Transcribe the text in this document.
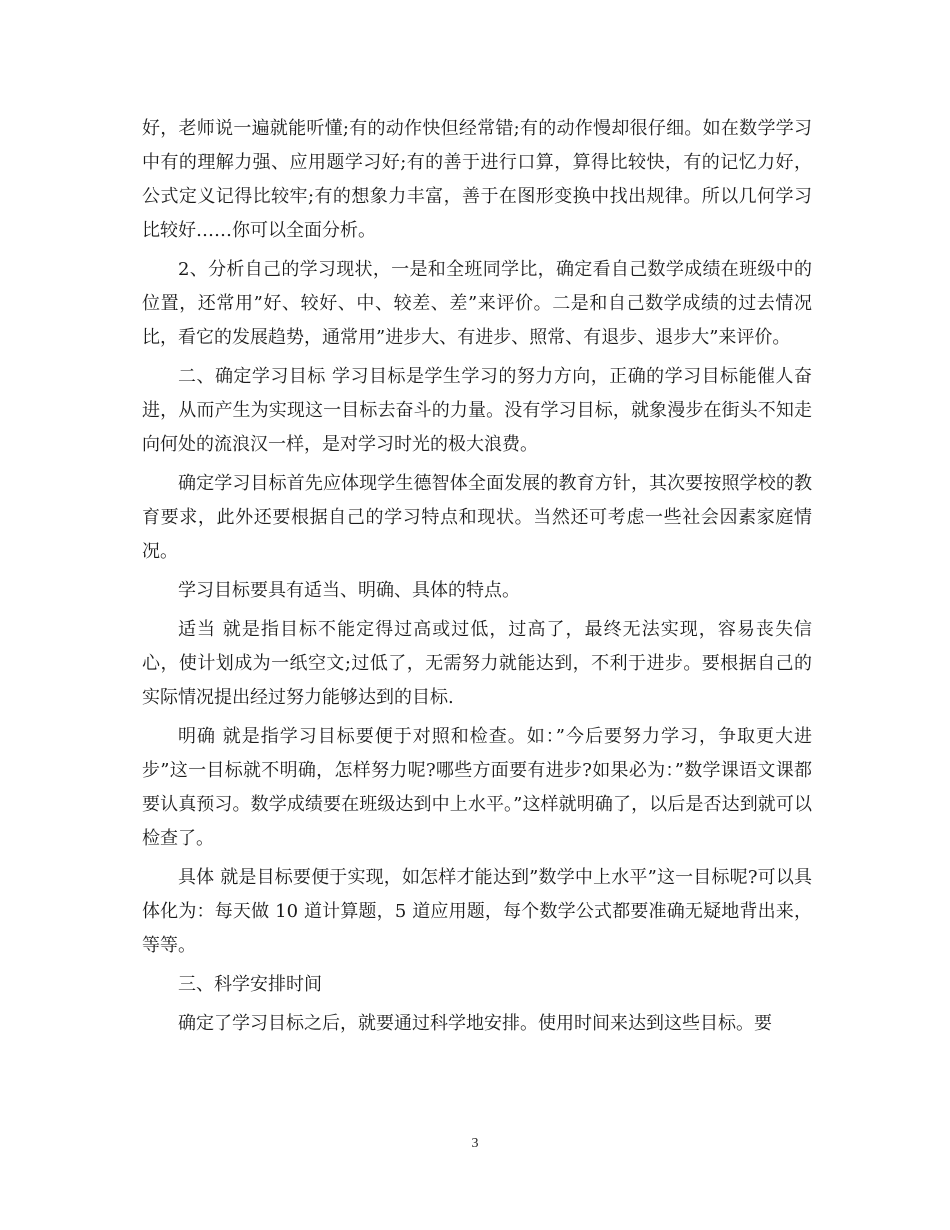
好，老师说一遍就能听懂;有的动作快但经常错;有的动作慢却很仔细。如在数学学习中有的理解力强、应用题学习好;有的善于进行口算，算得比较快，有的记忆力好，公式定义记得比较牢;有的想象力丰富，善于在图形变换中找出规律。所以几何学习比较好……你可以全面分析。

2、分析自己的学习现状，一是和全班同学比，确定看自己数学成绩在班级中的位置，还常用”好、较好、中、较差、差”来评价。二是和自己数学成绩的过去情况比，看它的发展趋势，通常用”进步大、有进步、照常、有退步、退步大”来评价。

二、确定学习目标 学习目标是学生学习的努力方向，正确的学习目标能催人奋进，从而产生为实现这一目标去奋斗的力量。没有学习目标，就象漫步在街头不知走向何处的流浪汉一样，是对学习时光的极大浪费。

确定学习目标首先应体现学生德智体全面发展的教育方针，其次要按照学校的教育要求，此外还要根据自己的学习特点和现状。当然还可考虑一些社会因素家庭情况。

学习目标要具有适当、明确、具体的特点。

适当 就是指目标不能定得过高或过低，过高了，最终无法实现，容易丧失信心，使计划成为一纸空文;过低了，无需努力就能达到，不利于进步。要根据自己的实际情况提出经过努力能够达到的目标.

明确 就是指学习目标要便于对照和检查。如：”今后要努力学习，争取更大进步”这一目标就不明确，怎样努力呢?哪些方面要有进步?如果必为：”数学课语文课都要认真预习。数学成绩要在班级达到中上水平。”这样就明确了，以后是否达到就可以检查了。

具体 就是目标要便于实现，如怎样才能达到”数学中上水平”这一目标呢?可以具体化为：每天做 10 道计算题，5 道应用题，每个数学公式都要准确无疑地背出来，等等。

三、科学安排时间

确定了学习目标之后，就要通过科学地安排。使用时间来达到这些目标。要

3
